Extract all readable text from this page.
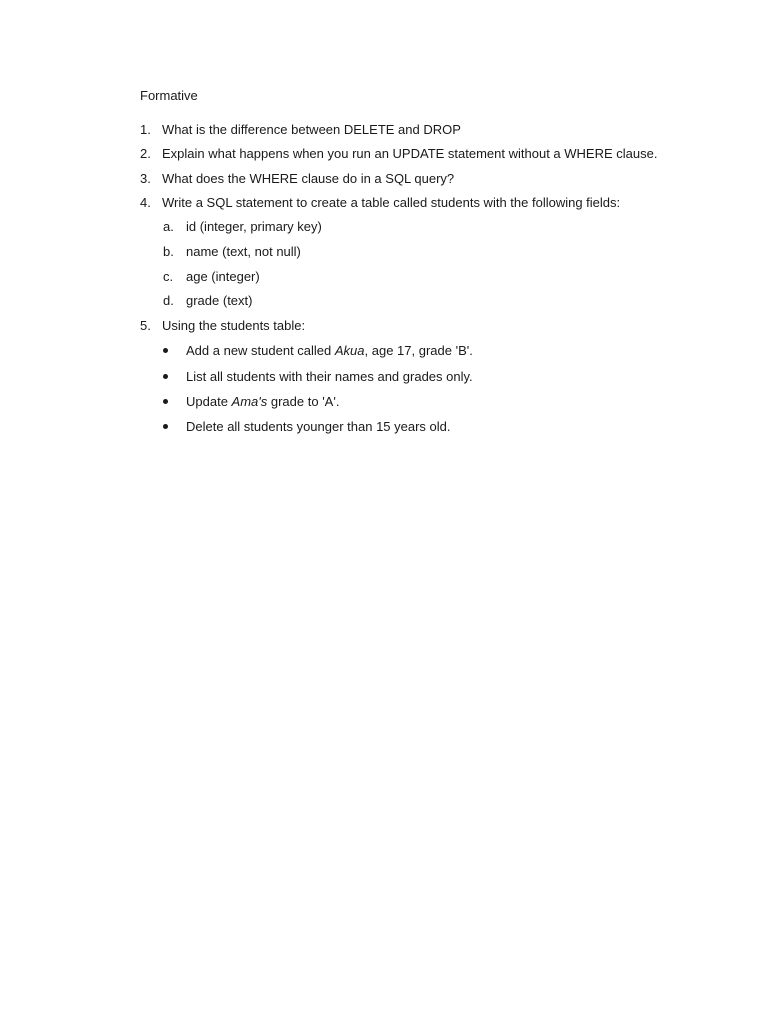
Formative
1. What is the difference between DELETE and DROP
2. Explain what happens when you run an UPDATE statement without a WHERE clause.
3. What does the WHERE clause do in a SQL query?
4. Write a SQL statement to create a table called students with the following fields:
a. id (integer, primary key)
b. name (text, not null)
c. age (integer)
d. grade (text)
5. Using the students table:
Add a new student called Akua, age 17, grade 'B'.
List all students with their names and grades only.
Update Ama's grade to 'A'.
Delete all students younger than 15 years old.
